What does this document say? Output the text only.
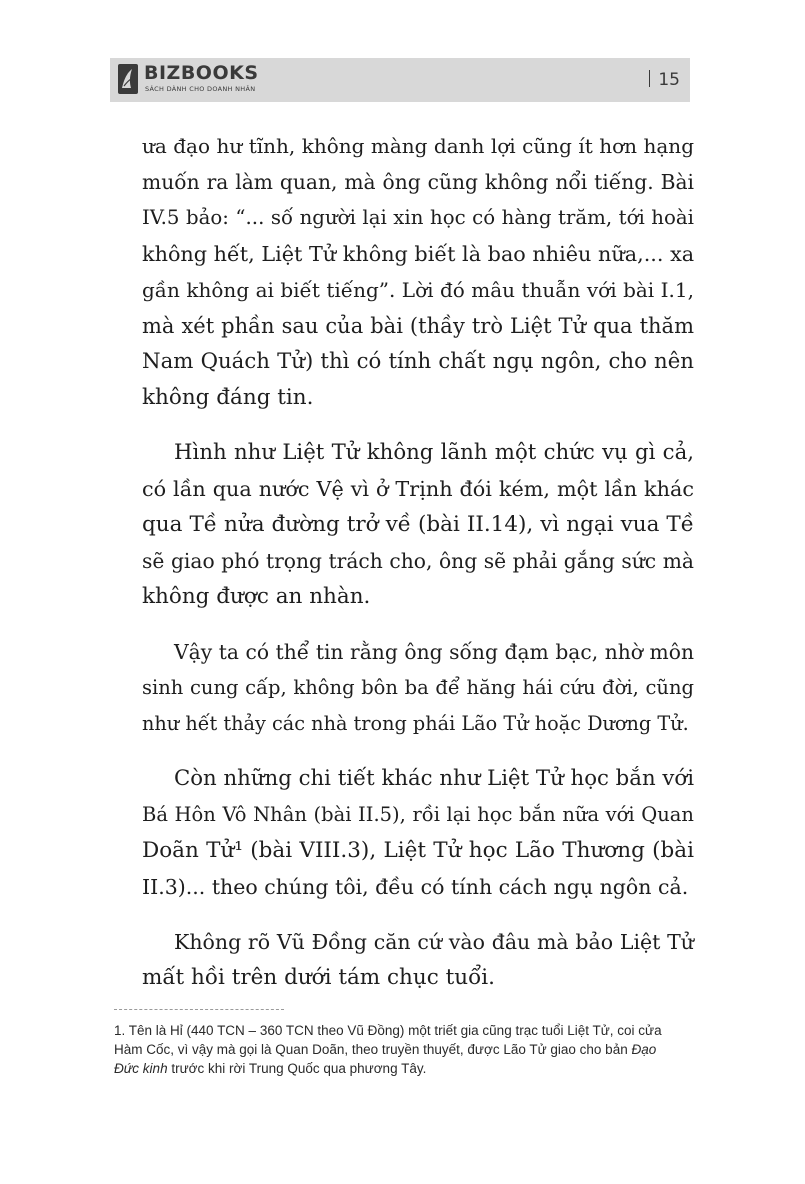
BIZBOOKS
SÁCH DÀNH CHO DOANH NHÂN	15

ưa đạo hư tĩnh, không màng danh lợi cũng ít hơn hạng
muốn ra làm quan, mà ông cũng không nổi tiếng. Bài
IV.5 bảo: “... số người lại xin học có hàng trăm, tới hoài
không hết, Liệt Tử không biết là bao nhiêu nữa,... xa
gần không ai biết tiếng”. Lời đó mâu thuẫn với bài I.1,
mà xét phần sau của bài (thầy trò Liệt Tử qua thăm
Nam Quách Tử) thì có tính chất ngụ ngôn, cho nên
không đáng tin.

Hình như Liệt Tử không lãnh một chức vụ gì cả,
có lần qua nước Vệ vì ở Trịnh đói kém, một lần khác
qua Tề nửa đường trở về (bài II.14), vì ngại vua Tề
sẽ giao phó trọng trách cho, ông sẽ phải gắng sức mà
không được an nhàn.

Vậy ta có thể tin rằng ông sống đạm bạc, nhờ môn
sinh cung cấp, không bôn ba để hăng hái cứu đời, cũng
như hết thảy các nhà trong phái Lão Tử hoặc Dương Tử.

Còn những chi tiết khác như Liệt Tử học bắn với
Bá Hôn Vô Nhân (bài II.5), rồi lại học bắn nữa với Quan
Doãn Tử¹ (bài VIII.3), Liệt Tử học Lão Thương (bài
II.3)... theo chúng tôi, đều có tính cách ngụ ngôn cả.

Không rõ Vũ Đồng căn cứ vào đâu mà bảo Liệt Tử
mất hồi trên dưới tám chục tuổi.

1. Tên là Hỉ (440 TCN – 360 TCN theo Vũ Đồng) một triết gia cũng trạc tuổi Liệt Tử, coi cửa
Hàm Cốc, vì vậy mà gọi là Quan Doãn, theo truyền thuyết, được Lão Tử giao cho bản Đạo
Đức kinh trước khi rời Trung Quốc qua phương Tây.
